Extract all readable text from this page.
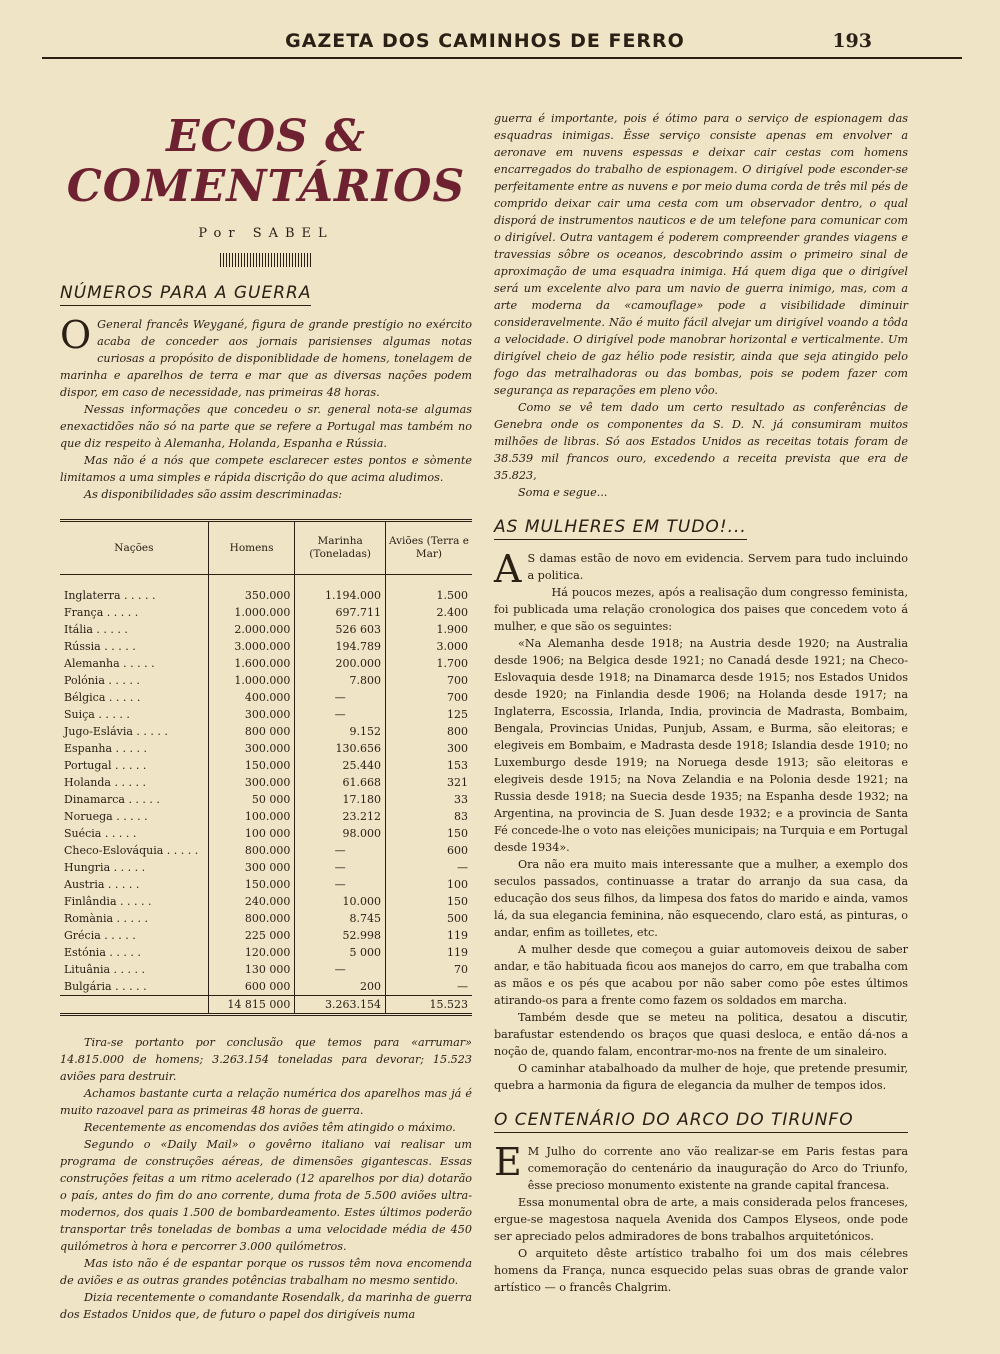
GAZETA DOS CAMINHOS DE FERRO	193
ECOS & COMENTÁRIOS
Por SABEL
NÚMEROS PARA A GUERRA

O General francês Weygané, figura de grande prestígio no exército acaba de conceder aos jornais parisienses algumas notas curiosas a propósito de disponiblidade de homens, tonelagem de marinha e aparelhos de terra e mar que as diversas nações podem dispor, em caso de necessidade, nas primeiras 48 horas.

Nessas informações que concedeu o sr. general nota-se algumas enexactidões não só na parte que se refere a Portugal mas também no que diz respeito à Alemanha, Holanda, Espanha e Rússia.

Mas não é a nós que compete esclarecer estes pontos e sòmente limitamos a uma simples e rápida discrição do que acima aludimos.

As disponibilidades são assim descriminadas:

Nações	Homens	Marinha (Toneladas)	Aviões (Terra e Mar)
Inglaterra . . . . .	350.000	1.194.000	1.500
França . . . . .	1.000.000	697.711	2.400
Itália . . . . .	2.000.000	526 603	1.900
Rússia . . . . .	3.000.000	194.789	3.000
Alemanha . . . . .	1.600.000	200.000	1.700
Polónia . . . . .	1.000.000	7.800	700
Bélgica . . . . .	400.000	—	700
Suiça . . . . .	300.000	—	125
Jugo-Eslávia . . . . .	800 000	9.152	800
Espanha . . . . .	300.000	130.656	300
Portugal . . . . .	150.000	25.440	153
Holanda . . . . .	300.000	61.668	321
Dinamarca . . . . .	50 000	17.180	33
Noruega . . . . .	100.000	23.212	83
Suécia . . . . .	100 000	98.000	150
Checo-Eslováquia . . . . .	800.000	—	600
Hungria . . . . .	300 000	—	—
Austria . . . . .	150.000	—	100
Finlândia . . . . .	240.000	10.000	150
Romània . . . . .	800.000	8.745	500
Grécia . . . . .	225 000	52.998	119
Estónia . . . . .	120.000	5 000	119
Lituânia . . . . .	130 000	—	70
Bulgária . . . . .	600 000	200	—
	14 815 000	3.263.154	15.523

Tira-se portanto por conclusão que temos para «arrumar» 14.815.000 de homens; 3.263.154 toneladas para devorar; 15.523 aviões para destruir.

Achamos bastante curta a relação numérica dos aparelhos mas já é muito razoavel para as primeiras 48 horas de guerra.

Recentemente as encomendas dos aviões têm atingido o máximo.

Segundo o «Daily Mail» o govêrno italiano vai realisar um programa de construções aéreas, de dimensões gigantescas. Essas construções feitas a um ritmo acelerado (12 aparelhos por dia) dotarão o país, antes do fim do ano corrente, duma frota de 5.500 aviões ultra-modernos, dos quais 1.500 de bombardeamento. Estes últimos poderão transportar três toneladas de bombas a uma velocidade média de 450 quilómetros à hora e percorrer 3.000 quilómetros.

Mas isto não é de espantar porque os russos têm nova encomenda de aviões e as outras grandes potências trabalham no mesmo sentido.

Dizia recentemente o comandante Rosendalk, da marinha de guerra dos Estados Unidos que, de futuro o papel dos dirigíveis numa

guerra é importante, pois é ótimo para o serviço de espionagem das esquadras inimigas. Êsse serviço consiste apenas em envolver a aeronave em nuvens espessas e deixar cair cestas com homens encarregados do trabalho de espionagem. O dirigível pode esconder-se perfeitamente entre as nuvens e por meio duma corda de três mil pés de comprido deixar cair uma cesta com um observador dentro, o qual disporá de instrumentos nauticos e de um telefone para comunicar com o dirigível. Outra vantagem é poderem compreender grandes viagens e travessias sôbre os oceanos, descobrindo assim o primeiro sinal de aproximação de uma esquadra inimiga. Há quem diga que o dirigível será um excelente alvo para um navio de guerra inimigo, mas, com a arte moderna da «camouflage» pode a visibilidade diminuir consideravelmente. Não é muito fácil alvejar um dirigível voando a tôda a velocidade. O dirigível pode manobrar horizontal e verticalmente. Um dirigível cheio de gaz hélio pode resistir, ainda que seja atingido pelo fogo das metralhadoras ou das bombas, pois se podem fazer com segurança as reparações em pleno vôo.

Como se vê tem dado um certo resultado as conferências de Genebra onde os componentes da S. D. N. já consumiram muitos milhões de libras. Só aos Estados Unidos as receitas totais foram de 38.539 mil francos ouro, excedendo a receita prevista que era de 35.823,

Soma e segue...

AS MULHERES EM TUDO!...

A S damas estão de novo em evidencia. Servem para tudo incluindo a politica.

Há poucos mezes, após a realisação dum congresso feminista, foi publicada uma relação cronologica dos paises que concedem voto á mulher, e que são os seguintes:

«Na Alemanha desde 1918; na Austria desde 1920; na Australia desde 1906; na Belgica desde 1921; no Canadá desde 1921; na Checo-Eslovaquia desde 1918; na Dinamarca desde 1915; nos Estados Unidos desde 1920; na Finlandia desde 1906; na Holanda desde 1917; na Inglaterra, Escossia, Irlanda, India, provincia de Madrasta, Bombaim, Bengala, Provincias Unidas, Punjub, Assam, e Burma, são eleitoras; e elegiveis em Bombaim, e Madrasta desde 1918; Islandia desde 1910; no Luxemburgo desde 1919; na Noruega desde 1913; são eleitoras e elegiveis desde 1915; na Nova Zelandia e na Polonia desde 1921; na Russia desde 1918; na Suecia desde 1935; na Espanha desde 1932; na Argentina, na provincia de S. Juan desde 1932; e a provincia de Santa Fé concede-lhe o voto nas eleições municipais; na Turquia e em Portugal desde 1934».

Ora não era muito mais interessante que a mulher, a exemplo dos seculos passados, continuasse a tratar do arranjo da sua casa, da educação dos seus filhos, da limpesa dos fatos do marido e ainda, vamos lá, da sua elegancia feminina, não esquecendo, claro está, as pinturas, o andar, enfim as toilletes, etc.

A mulher desde que começou a guiar automoveis deixou de saber andar, e tão habituada ficou aos manejos do carro, em que trabalha com as mãos e os pés que acabou por não saber como pôe estes últimos atirando-os para a frente como fazem os soldados em marcha.

Também desde que se meteu na politica, desatou a discutir, barafustar estendendo os braços que quasi desloca, e então dá-nos a noção de, quando falam, encontrar-mo-nos na frente de um sinaleiro.

O caminhar atabalhoado da mulher de hoje, que pretende presumir, quebra a harmonia da figura de elegancia da mulher de tempos idos.

O CENTENÁRIO DO ARCO DO TIRUNFO

E M Julho do corrente ano vão realizar-se em Paris festas para comemoração do centenário da inauguração do Arco do Triunfo, êsse precioso monumento existente na grande capital francesa.

Essa monumental obra de arte, a mais considerada pelos franceses, ergue-se magestosa naquela Avenida dos Campos Elyseos, onde pode ser apreciado pelos admiradores de bons trabalhos arquitetónicos.

O arquiteto dêste artístico trabalho foi um dos mais célebres homens da França, nunca esquecido pelas suas obras de grande valor artístico — o francês Chalgrim.
